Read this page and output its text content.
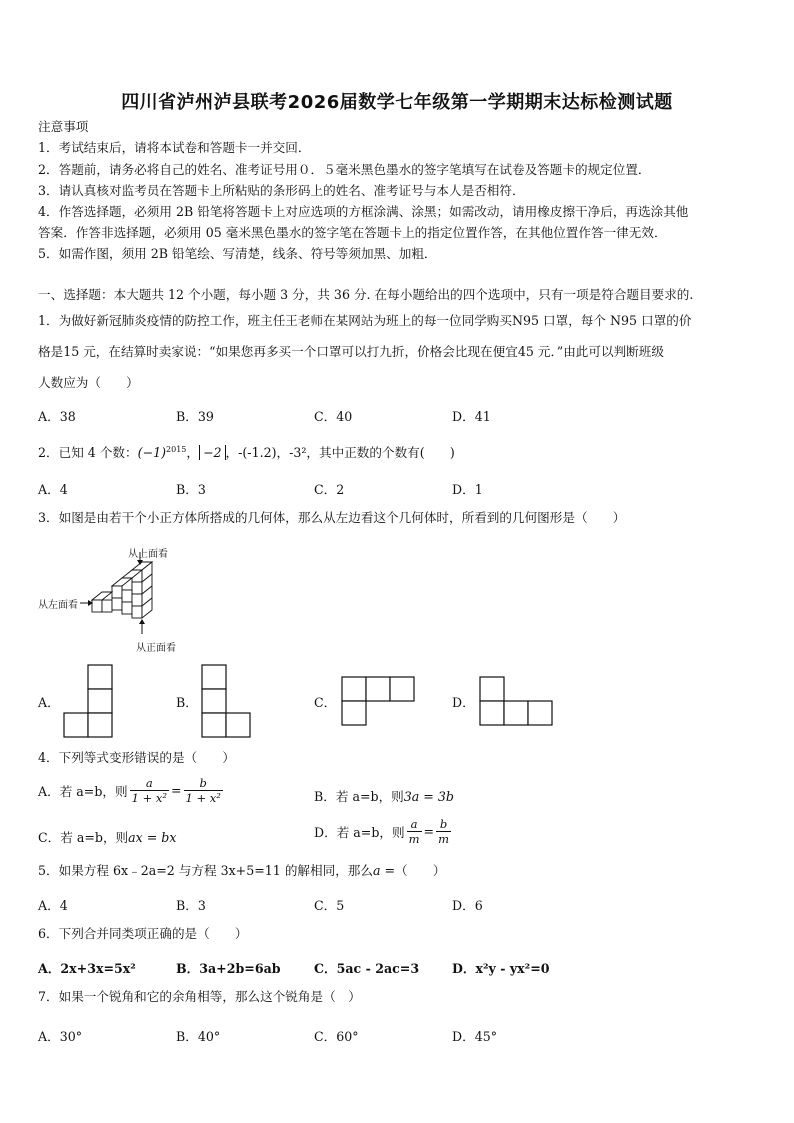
四川省泸州泸县联考2026届数学七年级第一学期期末达标检测试题
注意事项
1．考试结束后，请将本试卷和答题卡一并交回．
2．答题前，请务必将自己的姓名、准考证号用０．５毫米黑色墨水的签字笔填写在试卷及答题卡的规定位置．
3．请认真核对监考员在答题卡上所粘贴的条形码上的姓名、准考证号与本人是否相符．
4．作答选择题，必须用 2B 铅笔将答题卡上对应选项的方框涂满、涂黑；如需改动，请用橡皮擦干净后，再选涂其他
答案．作答非选择题，必须用 05 毫米黑色墨水的签字笔在答题卡上的指定位置作答，在其他位置作答一律无效．
5．如需作图，须用 2B 铅笔绘、写清楚，线条、符号等须加黑、加粗．
一、选择题：本大题共 12 个小题，每小题 3 分，共 36 分. 在每小题给出的四个选项中，只有一项是符合题目要求的.
1．为做好新冠肺炎疫情的防控工作，班主任王老师在某网站为班上的每一位同学购买N95 口罩，每个 N95 口罩的价
格是15 元，在结算时卖家说：“如果您再多买一个口罩可以打九折，价格会比现在便宜45 元．”由此可以判断班级
人数应为（　　）
A．38	B．39	C．40	D．41
2．已知 4 个数：$(-1)^{2015}$， −2 ，-(-1.2)，-3²，其中正数的个数有(　　)
A．4	B．3	C．2	D．1
3．如图是由若干个小正方体所搭成的几何体，那么从左边看这个几何体时，所看到的几何图形是（　　）
从上面看
从左面看
从正面看
A．	B．	C．	D．
4．下列等式变形错误的是（　　）
A．若 a=b，则 $\frac{a}{\text{1 + x²}} = \frac{b}{\text{1 + x²}}$	B．若 a=b，则3a = 3b
C．若 a=b，则ax = bx	D．若 a=b，则 $\frac{a}{m} = \frac{b}{m}$
5．如果方程 6x﹣2a=2 与方程 3x+5=11 的解相同，那么a =（　　）
A．4	B．3	C．5	D．6
6．下列合并同类项正确的是（　　）
A．2x+3x=5x²	B．3a+2b=6ab	C．5ac - 2ac=3	D．x²y - yx²=0
7．如果一个锐角和它的余角相等，那么这个锐角是（　）
A．30°	B．40°	C．60°	D．45°
